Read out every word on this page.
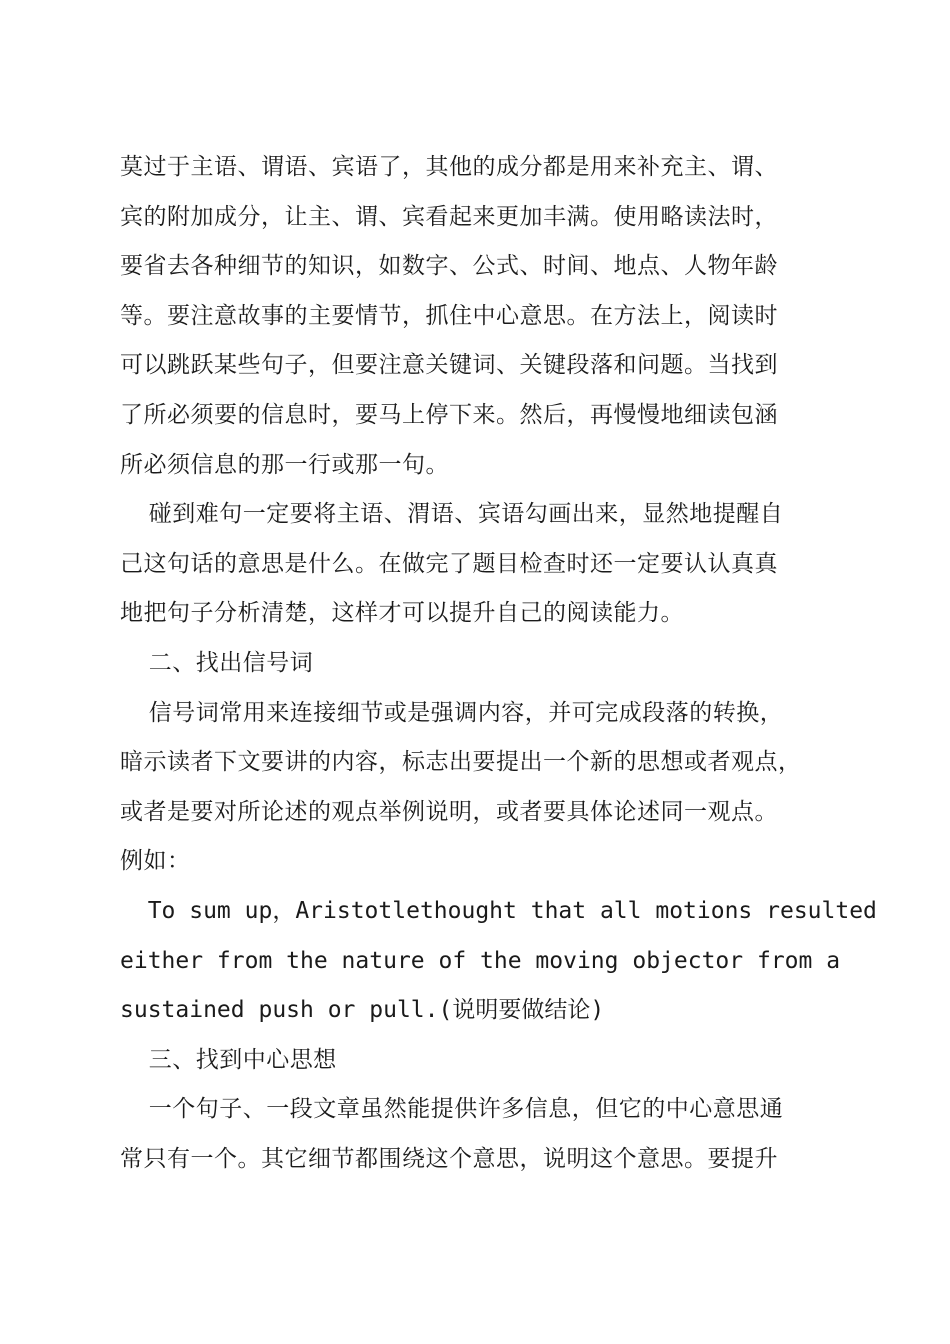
莫过于主语、谓语、宾语了，其他的成分都是用来补充主、谓、
宾的附加成分，让主、谓、宾看起来更加丰满。使用略读法时，
要省去各种细节的知识，如数字、公式、时间、地点、人物年龄
等。要注意故事的主要情节，抓住中心意思。在方法上，阅读时
可以跳跃某些句子，但要注意关键词、关键段落和问题。当找到
了所必须要的信息时，要马上停下来。然后，再慢慢地细读包涵
所必须信息的那一行或那一句。
碰到难句一定要将主语、渭语、宾语勾画出来，显然地提醒自
己这句话的意思是什么。在做完了题目检查时还一定要认认真真
地把句子分析清楚，这样才可以提升自己的阅读能力。
二、找出信号词
信号词常用来连接细节或是强调内容，并可完成段落的转换，
暗示读者下文要讲的内容，标志出要提出一个新的思想或者观点，
或者是要对所论述的观点举例说明，或者要具体论述同一观点。
例如：
To sum up，Aristotlethought that all motions resulted
either from the nature of the moving objector from a
sustained push or pull.(说明要做结论)
三、找到中心思想
一个句子、一段文章虽然能提供许多信息，但它的中心意思通
常只有一个。其它细节都围绕这个意思，说明这个意思。要提升
